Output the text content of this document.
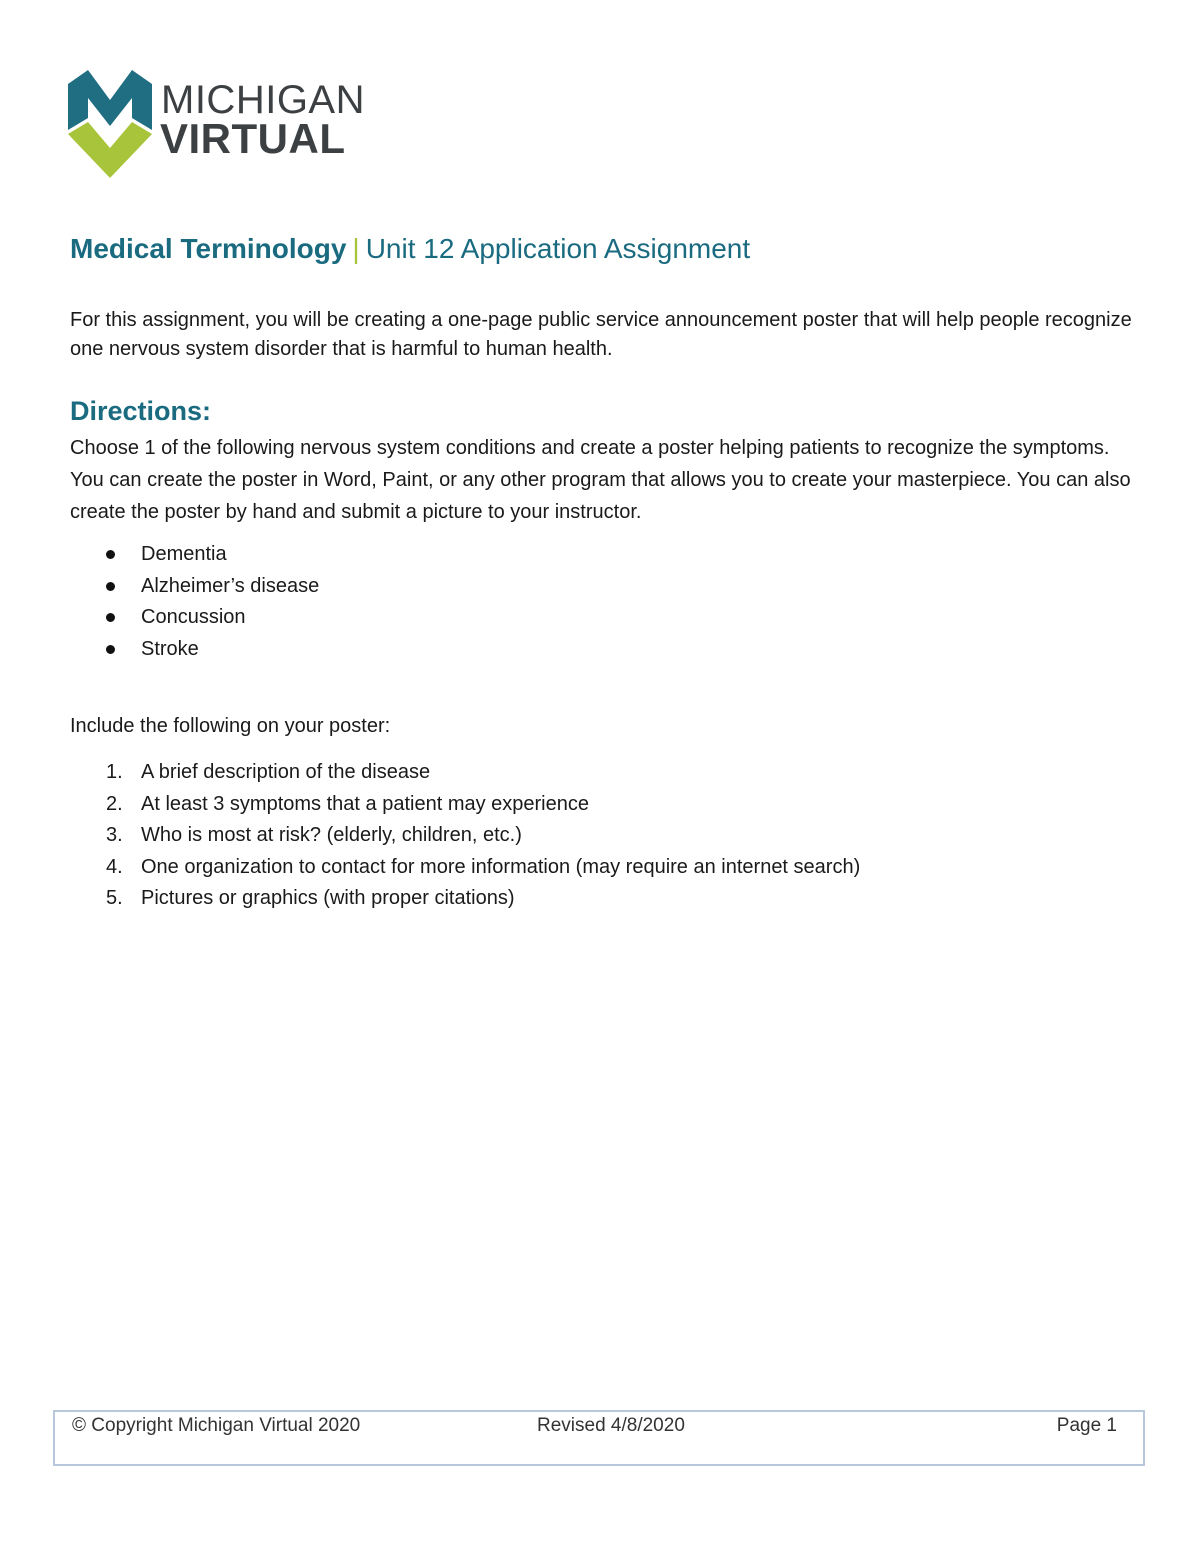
MICHIGAN
VIRTUAL
Medical Terminology | Unit 12 Application Assignment
For this assignment, you will be creating a one-page public service announcement poster that will help people recognize one nervous system disorder that is harmful to human health.
Directions:
Choose 1 of the following nervous system conditions and create a poster helping patients to recognize the symptoms. You can create the poster in Word, Paint, or any other program that allows you to create your masterpiece. You can also create the poster by hand and submit a picture to your instructor.
Dementia
Alzheimer’s disease
Concussion
Stroke
Include the following on your poster:
1. A brief description of the disease
2. At least 3 symptoms that a patient may experience
3. Who is most at risk? (elderly, children, etc.)
4. One organization to contact for more information (may require an internet search)
5. Pictures or graphics (with proper citations)
© Copyright Michigan Virtual 2020	Revised 4/8/2020	Page 1
